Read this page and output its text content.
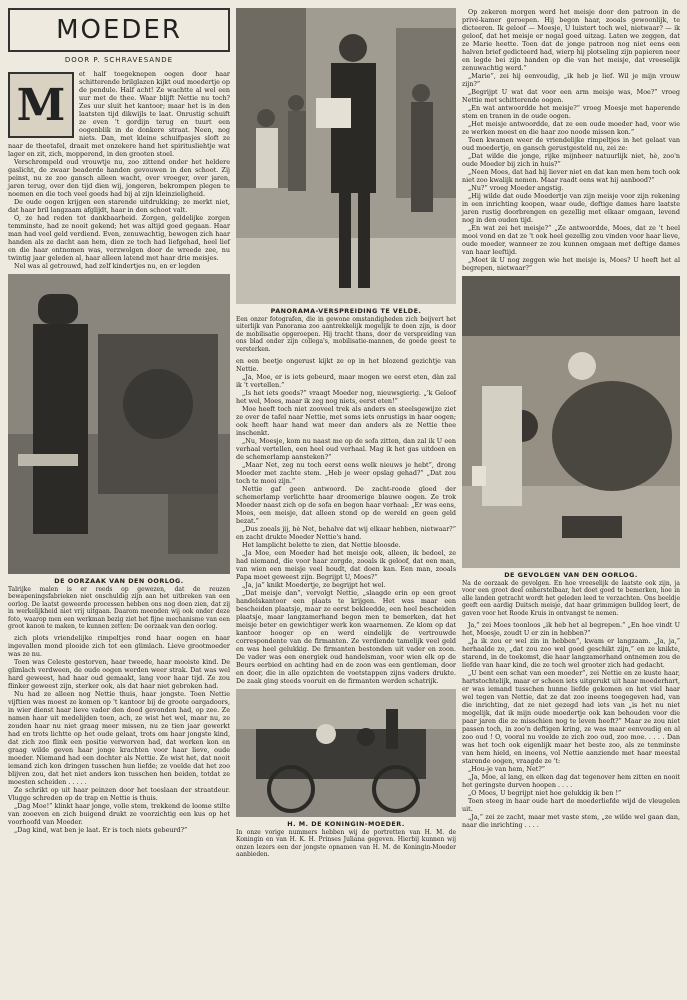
MOEDER
DOOR P. SCHRAVESANDE
M

et half toegeknepen oogen door haar schitterende brilglazen kijkt oud moedertje op de pendule. Half acht! Ze wachtte al wel een uur met de thee. Waar blijft Nettie nu toch? Zes uur sluit het kantoor; maar het is in den laatsten tijd dikwijls te laat. Onrustig schuift ze even 't gordijn terug en tuurt een oogenblik in de donkere straat. Neen, nog niets. Dan, met kleine schuifpasjes sloft ze naar de theetafel, draait met onzekere hand het spiritusliehtje wat lager en zit, zich, mopperend, in den grooten stoel.

Verschrompeld oud vrouwtje nu, zoo zittend onder het heldere gaslicht, de zwaar beaderde handen gevouwen in den schoot. Zij peinst, nu ze zoo gansch alleen wacht, over vroeger, over jaren, jaren terug, over den tijd dien wij, jongeren, bekrompen plegen te noemen en die toch veel goeds had bij al zijn kleinzieligheid.

De oude oogen krijgen een starende uitdrukking; ze merkt niet, dat haar bril langzaam afglijdt, haar in den schoot valt.

O, ze had reden tot dankbaarheid. Zorgen, geldelijke zorgen temminste, had ze nooit gekend; het was altijd goed gegaan. Haar man had veel geld verdiend. Even, zenuwachtig, bewogen zich haar handen als ze dacht aan hem, dien ze toch had liefgehad, heel lief en die haar ontnomen was, verzwolgen door de wreede zee, nu twintig jaar geleden al, haar alleen latend met haar drie meisjes.

Nel was al getrouwd, had zelf kindertjes nu, en er legden

DE OORZAAK VAN DEN OORLOG.
Talrijke malen is er reeds op gewezen, dat de reuzen bewapeningsfabrieken niet onschuldig zijn aan het uitbreken van een oorlog. De laatst geweerde processen hebben ons nog doen zien, dat zij in werkelijkheid niet vrij uitgaan. Daarom meenden wij ook onder deze foto, waarop men een werkman bezig ziet het fijne mechanisme van een groot kanon te maken, te kunnen zetten: De oorzaak van den oorlog.

zich plots vriendelijke rimpeltjes rond haar oogen en haar ingevallen mond plooide zich tot een glimlach. Lieve grootmoeder was ze nu.

Toen was Celeste gestorven, haar tweede, haar mooiste kind. De glimlach verdween, de oude oogen werden weer strak. Dat was wel hard geweest, had haar oud gemaakt, lang voor haar tijd. Ze zou flinker geweest zijn, sterker ook, als dat haar niet gebroken had.

Nu had ze alleen nog Nettie thuis, haar jongste. Toen Nettie vijftien was moest ze komen op 't kantoor bij de groote oargadoors, in wier dienst haar lieve vader den dood gevonden had, op zee. Ze namen haar uit medelijden toen, ach, ze wist het wel, maar nu, ze zouden haar nu niet graag meer missen, nu ze tien jaar gewerkt had en trots lichtte op het oude gelaat, trots om haar jongste kind, dat zich zoo flink een positie verworven had, dat werken kon en graag wilde geven haar jonge krachten voor haar lieve, oude moeder. Niemand had een dochter als Nettie. Ze wist het, dat nooit iemand zich kon dringen tusschen hun liefde; ze voelde dat het zoo blijven zou, dat het niet anders kon tusschen hen beiden, totdat ze moesten scheiden . . . . .

Ze schrikt op uit haar peinzen door het toeslaan der straatdeur. Vlugge schreden op de trap en Nettie is thuis.

„Dag Moe!” klinkt haar jonge, volle stem, trekkend de loome stilte van zooeven en zich buigend drukt ze voorzichtig een kus op het voorhoofd van Moeder.

„Dag kind, wat ben je laat. Er is toch niets gebeurd?”

PANORAMA-VERSPREIDING TE VELDE.
Een onzer fotografen, die in gewone omstandigheden zich beijvert het uiterlijk van Panorama zoo aantrekkelijk mogelijk te doen zijn, is door de mobilisatie opgeroepen. Hij tracht thans, door de verspreiding van ons blad onder zijn collega's, mobilisatie-mannen, de goede geest te versterken.

en een beetje ongerust kijkt ze op in het blozend gezichtje van Nettie.

„Ja, Moe, er is iets gebeurd, maar mogen we eerst eten, dàn zal ik 't vertellen.”

„Is het iets goeds?” vraagt Moeder nog, nieuwsgierig. „'k Geloof het wel, Moes, maar ik zeg nog niets, eerst eten!”

Moe heeft toch niet zooveel trek als anders en steelsgewijze ziet ze over de tafel naar Nettie, met soms iets onrustigs in haar oogen; ook heeft haar hand wat meer dan anders als ze Nettie thee inschenkt.

„Nu, Moesje, kom nu naast me op de sofa zitten, dan zal ik U een verhaal vertellen, een heel oud verhaal. Mag ik het gas uitdoen en de schemerlamp aansteken?”

„Maar Net, zeg nu toch eerst eens welk nieuws je hebt”, drong Moeder met zachte stem. „Heb je weer opslag gehad?” „Dat zou toch te mooi zijn.”

Nettie gaf geen antwoord. De zacht-roode gloed der schemerlamp verlichtte haar droomerige blauwe oogen. Ze trok Moeder naast zich op de sofa en begon haar verhaal: „Er was eens, Moes, een meisje, dat alleen stond op de wereld en geen geld bezat.”

„Dus zoeals jij, hè Net, behalve dat wij elkaar hebben, nietwaar?” en zacht drukte Moeder Nettie's hand.

Het lamplicht belette te zien, dat Nettie bloosde.

„Ja Moe, een Moeder had het meisje ook, alleen, ik bedoel, ze had niemand, die voor haar zorgde, zooals ik geloof, dat een man, van wien een meisje veel houdt, dat doen kan. Een man, zooals Papa moet geweest zijn. Begrijpt U, Moes?”

„Ja, ja” knikt Moedertje, ze begrijpt het wel.

„Dat meisje dan”, vervolgt Nettie, „slaagde erin op een groot handelskantoor een plaats te krijgen. Het was maar een bescheiden plaatsje, maar ze eerst bekleedde, een heel bescheiden plaatsje, maar langzamerhand begon men te bemerken, dat het meisje beter en gewichtiger werk kon waarnemen. Ze klom op dat kantoor hooger op en werd eindelijk de vertrouwde correspondente van de firmanten. Ze verdiende tamelijk veel geld en was heel gelukkig. De firmanten bestonden uit vader en zoon. De vader was een energiek oud handelsman, voor wien elk op de Beurs eerbied en achting had en de zoon was een gentleman, door en door, die in alle opzichten de voetstappen zijns vaders drukte. De zaak ging steeds vooruit en de firmanten werden schatrijk.

H. M. DE KONINGIN-MOEDER.
In onze vorige nummers hebben wij de portretten van H. M. de Koningin en van H. K. H. Prinses Juliana gegeven. Hierbij kunnen wij onzen lezers een der jongste opnamen van H. M. de Koningin-Moeder aanbieden.

Op zekeren morgen werd het meisje door den patroon in de privé-kamer geroepen. Hij begon haar, zooals gewoonlijk, te dicteeren. Ik geloof — Moesje, U luistert toch wel, nietwaar? — ik geloof, dat het meisje er nogal goed uitzag. Laten we zeggen, dat ze Marie heette. Toen dat de jonge patroon nog niet eens een halven brief gedicteerd had, wierp hij plotseling zijn papieren neer en legde bei zijn handen op die van het meisje, dat vreeselijk zenuwachtig werd.”

„Marie”, zei hij eenvoudig, „ik heb je lief. Wil je mijn vrouw zijn?”

„Begrijpt U wat dat voor een arm meisje was, Moe?” vroeg Nettie met schitterende oogen.

„En wat antwoordde het meisje?” vroeg Moesje met haperende stem en tranen in de oude oogen.

„Het meisje antwoordde, dat ze een oude moeder had, voor wie ze werken moest en die haar zoo noode missen kon.”

Toen kwamen weer de vriendelijke rimpeltjes in het gelaat van oud moedertje, en gansch gerustgesteld nu, zei ze:

„Dat wilde die jonge, rijke mijnheer natuurlijk niet, hè, zoo'n oude Moeder bij zich in huis?”

„Neen Moes, dat had hij liever niet en dat kan men hem toch ook niet zoo kwalijk nemen. Maar raadt eens wat hij aanbood?”

„Nu?” vroeg Moeder angstig.

„Hij wilde dat oude Moedertje van zijn meisje voor zijn rekening in een inrichting koopen, waar oude, deftige dames hare laatste jaren rustig doorbrengen en gezellig met elkaar omgaan, levend nog in den ouden tijd.

„En wat zei het meisje?” „Ze antwoordde, Moes, dat ze 't heel mooi vond en dat ze 't ook heel gezellig zou vinden voor haar lieve, oude moeder, wanneer ze zou kunnen omgaan met deftige dames van haar leeftijd.

„Moet ik U nog zeggen wie het meisje is, Moes? U heeft het al begrepen, nietwaar?”

DE GEVOLGEN VAN DEN OORLOG.
Na de oorzaak de gevolgen. En hoe vreeselijk de laatste ook zijn, ja voor een groot deel onherstelbaar, het doet goed te bemerken, hoe in alle landen getracht wordt het geleden leed te verzachten. Ons beeldje geeft een aardig Duitsch meisje, dat haar grimmigen bulldog leert, de gaven voor het Roode Kruis in ontvangst te nemen.

Ja,” zei Moes toonloos „ik heb het al begrepen.” „En hoe vindt U het, Moesje, zoudt U er zin in hebben?”

„Ja ik zou er wel zin in hebben”, kwam er langzaam. „Ja, ja,” herhaalde ze, „dat zou zoo wel goed geschikt zijn,” en ze knikte, starend, in de toekomst, die haar langzamerhand ontnemen zou de liefde van haar kind, die ze toch wel grooter zich had gedacht.

„U bent een schat van een moeder”, zei Nettie en ze kuste haar, hartstochtelijk, maar er scheen iets uitgerukt uit haar moederhart, er was iemand tusschen hunne liefde gekomen en het viel haar wel tegen van Nettie, dat ze dat zoo ineens toegegeven had, van die inrichting, dat ze niet gezegd had iets van „is het nu niet mogelijk, dat ik mijn oude moedertje ook kan behouden voor die paar jaren die ze misschien nog te leven heeft?” Maar ze zou niet passen toch, in zoo'n deftigen kring, ze was maar eenvoudig en al zoo oud ! O, vooral nu voelde ze zich zoo oud, zoo moe. . . . . Dan was het toch ook eigenlijk maar het beste zoo, als ze tenminste van hem hield, en ineens, vol Nettie aanziende met haar meestal starende oogen, vraagde ze 't:

„Hou-je van hem, Net?”

„Ja, Moe, al lang, en elken dag dat tegenover hem zitten en nooit het geringste durven hoopen . . . .

„O Moes, U begrijpt niet hoe gelukkig ik ben !”

Toen steeg in haar oude hart de moederliefde wijd de vleugelen uit.

„Ja,” zei ze zacht, maar met vaste stem, „ze wilde wel gaan dan, naar die inrichting . . . .
